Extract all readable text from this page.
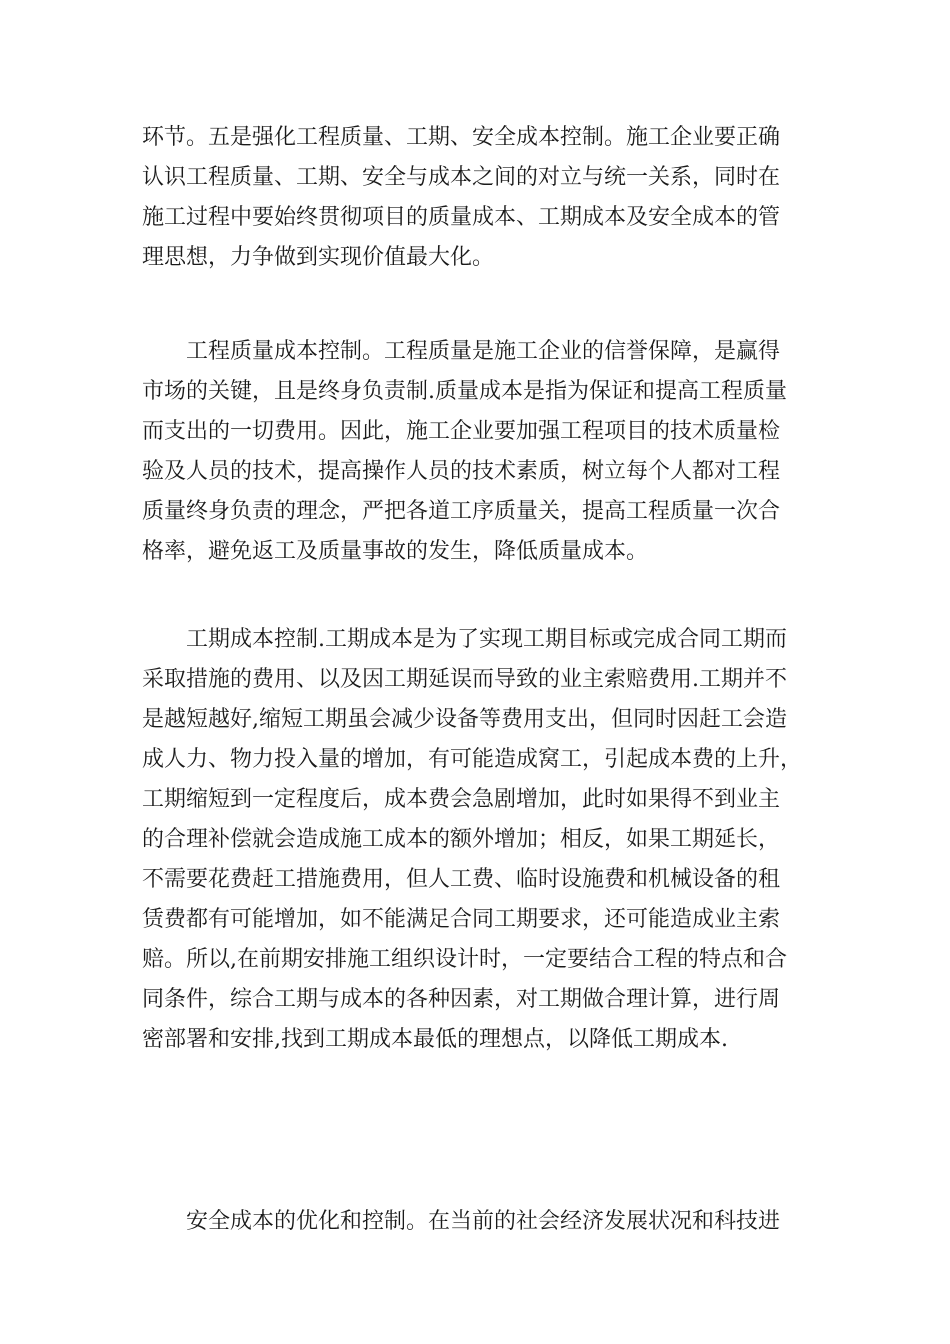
环节。五是强化工程质量、工期、安全成本控制。施工企业要正确
认识工程质量、工期、安全与成本之间的对立与统一关系，同时在
施工过程中要始终贯彻项目的质量成本、工期成本及安全成本的管
理思想，力争做到实现价值最大化。
工程质量成本控制。工程质量是施工企业的信誉保障，是赢得
市场的关键，且是终身负责制.质量成本是指为保证和提高工程质量
而支出的一切费用。因此，施工企业要加强工程项目的技术质量检
验及人员的技术，提高操作人员的技术素质，树立每个人都对工程
质量终身负责的理念，严把各道工序质量关，提高工程质量一次合
格率，避免返工及质量事故的发生，降低质量成本。
工期成本控制.工期成本是为了实现工期目标或完成合同工期而
采取措施的费用、以及因工期延误而导致的业主索赔费用.工期并不
是越短越好,缩短工期虽会减少设备等费用支出，但同时因赶工会造
成人力、物力投入量的增加，有可能造成窝工，引起成本费的上升，
工期缩短到一定程度后，成本费会急剧增加，此时如果得不到业主
的合理补偿就会造成施工成本的额外增加；相反，如果工期延长，
不需要花费赶工措施费用，但人工费、临时设施费和机械设备的租
赁费都有可能增加，如不能满足合同工期要求，还可能造成业主索
赔。所以,在前期安排施工组织设计时，一定要结合工程的特点和合
同条件，综合工期与成本的各种因素，对工期做合理计算，进行周
密部署和安排,找到工期成本最低的理想点，以降低工期成本.
安全成本的优化和控制。在当前的社会经济发展状况和科技进
